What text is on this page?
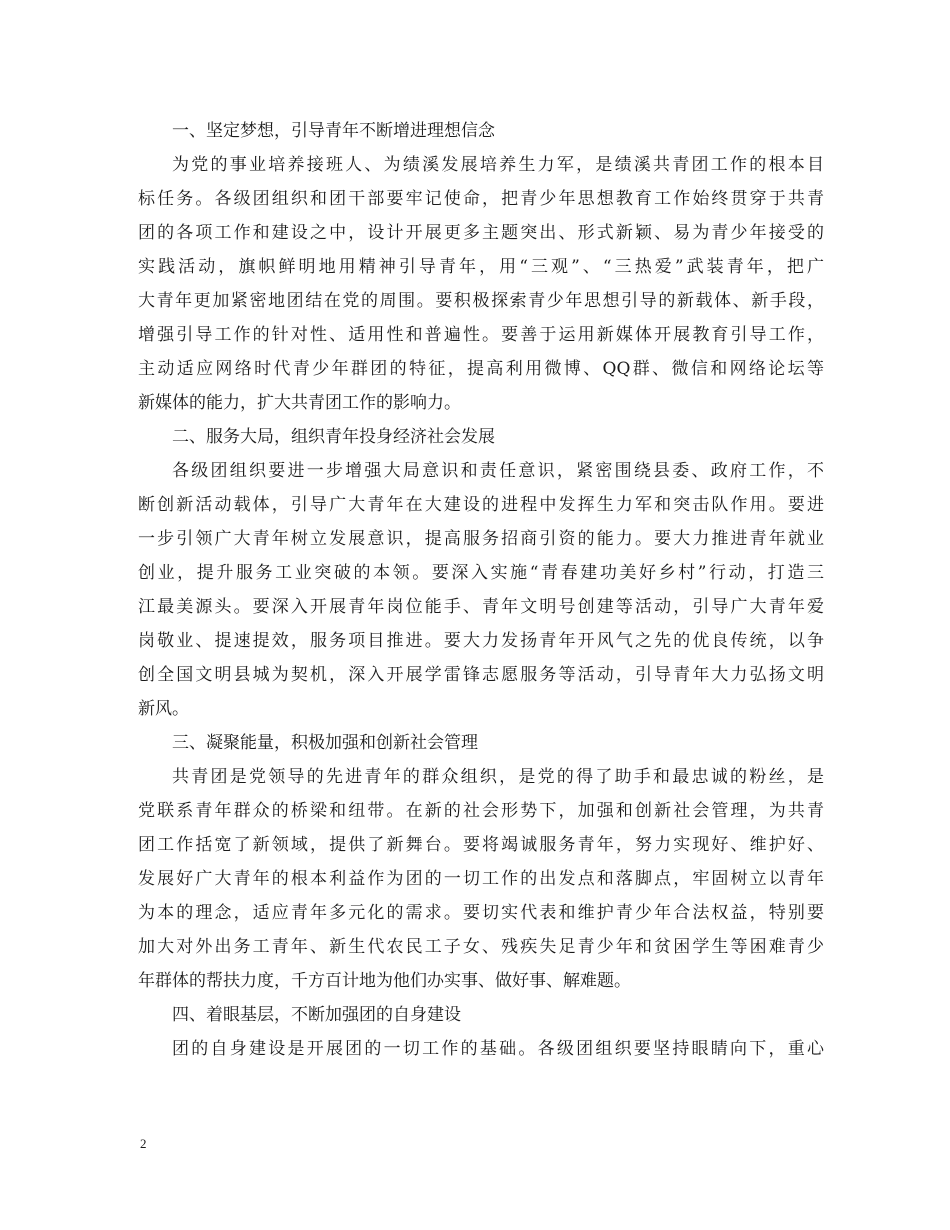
一、坚定梦想，引导青年不断增进理想信念
为党的事业培养接班人、为绩溪发展培养生力军，是绩溪共青团工作的根本目
标任务。各级团组织和团干部要牢记使命，把青少年思想教育工作始终贯穿于共青
团的各项工作和建设之中，设计开展更多主题突出、形式新颖、易为青少年接受的
实践活动，旗帜鲜明地用精神引导青年，用“三观”、“三热爱”武装青年，把广
大青年更加紧密地团结在党的周围。要积极探索青少年思想引导的新载体、新手段，
增强引导工作的针对性、适用性和普遍性。要善于运用新媒体开展教育引导工作，
主动适应网络时代青少年群团的特征，提高利用微博、QQ群、微信和网络论坛等
新媒体的能力，扩大共青团工作的影响力。
二、服务大局，组织青年投身经济社会发展
各级团组织要进一步增强大局意识和责任意识，紧密围绕县委、政府工作，不
断创新活动载体，引导广大青年在大建设的进程中发挥生力军和突击队作用。要进
一步引领广大青年树立发展意识，提高服务招商引资的能力。要大力推进青年就业
创业，提升服务工业突破的本领。要深入实施“青春建功美好乡村”行动，打造三
江最美源头。要深入开展青年岗位能手、青年文明号创建等活动，引导广大青年爱
岗敬业、提速提效，服务项目推进。要大力发扬青年开风气之先的优良传统，以争
创全国文明县城为契机，深入开展学雷锋志愿服务等活动，引导青年大力弘扬文明
新风。
三、凝聚能量，积极加强和创新社会管理
共青团是党领导的先进青年的群众组织，是党的得了助手和最忠诚的粉丝，是
党联系青年群众的桥梁和纽带。在新的社会形势下，加强和创新社会管理，为共青
团工作括宽了新领域，提供了新舞台。要将竭诚服务青年，努力实现好、维护好、
发展好广大青年的根本利益作为团的一切工作的出发点和落脚点，牢固树立以青年
为本的理念，适应青年多元化的需求。要切实代表和维护青少年合法权益，特别要
加大对外出务工青年、新生代农民工子女、残疾失足青少年和贫困学生等困难青少
年群体的帮扶力度，千方百计地为他们办实事、做好事、解难题。
四、着眼基层，不断加强团的自身建设
团的自身建设是开展团的一切工作的基础。各级团组织要坚持眼睛向下，重心
2
